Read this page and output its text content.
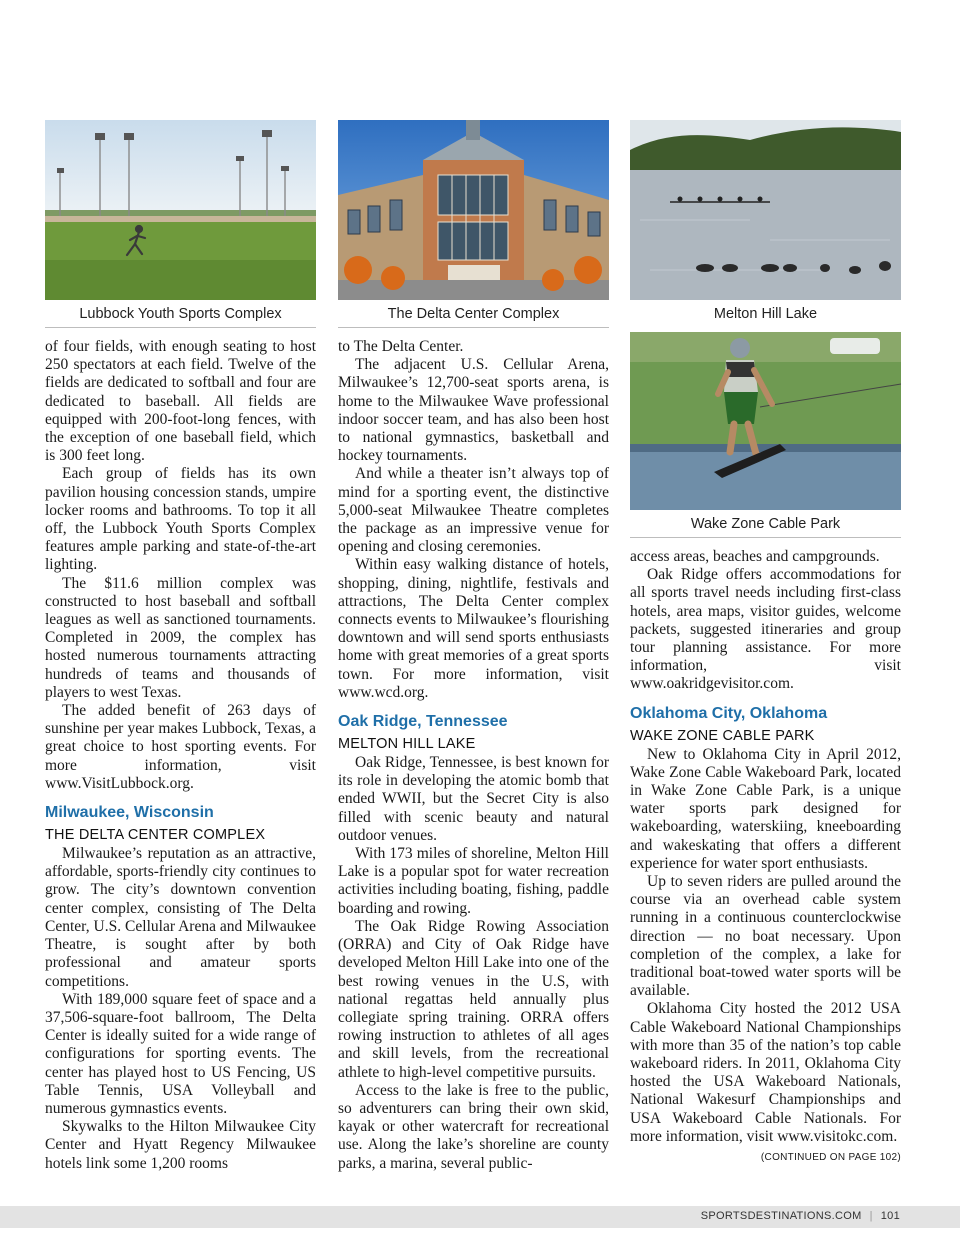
Lubbock Youth Sports Complex

of four fields, with enough seating to host 250 spectators at each field. Twelve of the fields are dedicated to softball and four are dedicated to baseball. All fields are equipped with 200-foot-long fences, with the exception of one baseball field, which is 300 feet long.

Each group of fields has its own pavilion housing concession stands, umpire locker rooms and bathrooms. To top it all off, the Lubbock Youth Sports Complex features ample parking and state-of-the-art lighting.

The $11.6 million complex was constructed to host baseball and softball leagues as well as sanctioned tournaments. Completed in 2009, the complex has hosted numerous tournaments attracting hundreds of teams and thousands of players to west Texas.

The added benefit of 263 days of sunshine per year makes Lubbock, Texas, a great choice to host sporting events. For more information, visit www.VisitLubbock.org.

Milwaukee, Wisconsin
THE DELTA CENTER COMPLEX

Milwaukee’s reputation as an attractive, affordable, sports-friendly city continues to grow. The city’s downtown convention center complex, consisting of The Delta Center, U.S. Cellular Arena and Milwaukee Theatre, is sought after by both professional and amateur sports competitions.

With 189,000 square feet of space and a 37,506-square-foot ballroom, The Delta Center is ideally suited for a wide range of configurations for sporting events. The center has played host to US Fencing, US Table Tennis, USA Volleyball and numerous gymnastics events.

Skywalks to the Hilton Milwaukee City Center and Hyatt Regency Milwaukee hotels link some 1,200 rooms

The Delta Center Complex

to The Delta Center.

The adjacent U.S. Cellular Arena, Milwaukee’s 12,700-seat sports arena, is home to the Milwaukee Wave professional indoor soccer team, and has also been host to national gymnastics, basketball and hockey tournaments.

And while a theater isn’t always top of mind for a sporting event, the distinctive 5,000-seat Milwaukee Theatre completes the package as an impressive venue for opening and closing ceremonies.

Within easy walking distance of hotels, shopping, dining, nightlife, festivals and attractions, The Delta Center complex connects events to Milwaukee’s flourishing downtown and will send sports enthusiasts home with great memories of a great sports town. For more information, visit www.wcd.org.

Oak Ridge, Tennessee
MELTON HILL LAKE

Oak Ridge, Tennessee, is best known for its role in developing the atomic bomb that ended WWII, but the Secret City is also filled with scenic beauty and natural outdoor venues.

With 173 miles of shoreline, Melton Hill Lake is a popular spot for water recreation activities including boating, fishing, paddle boarding and rowing.

The Oak Ridge Rowing Association (ORRA) and City of Oak Ridge have developed Melton Hill Lake into one of the best rowing venues in the U.S, with national regattas held annually plus collegiate spring training. ORRA offers rowing instruction to athletes of all ages and skill levels, from the recreational athlete to high-level competitive pursuits.

Access to the lake is free to the public, so adventurers can bring their own skid, kayak or other watercraft for recreational use. Along the lake’s shoreline are county parks, a marina, several public-

Melton Hill Lake
Wake Zone Cable Park

access areas, beaches and campgrounds.

Oak Ridge offers accommodations for all sports travel needs including first-class hotels, area maps, visitor guides, welcome packets, suggested itineraries and group tour planning assistance. For more information, visit www.oakridgevisitor.com.

Oklahoma City, Oklahoma
WAKE ZONE CABLE PARK

New to Oklahoma City in April 2012, Wake Zone Cable Wakeboard Park, located in Wake Zone Cable Park, is a unique water sports park designed for wakeboarding, waterskiing, kneeboarding and wakeskating that offers a different experience for water sport enthusiasts.

Up to seven riders are pulled around the course via an overhead cable system running in a continuous counterclockwise direction — no boat necessary. Upon completion of the complex, a lake for traditional boat-towed water sports will be available.

Oklahoma City hosted the 2012 USA Cable Wakeboard National Championships with more than 35 of the nation’s top cable wakeboard riders. In 2011, Oklahoma City hosted the USA Wakeboard Nationals, National Wakesurf Championships and USA Wakeboard Cable Nationals. For more information, visit www.visitokc.com.
(CONTINUED ON PAGE 102)

SPORTSDESTINATIONS.COM | 101
